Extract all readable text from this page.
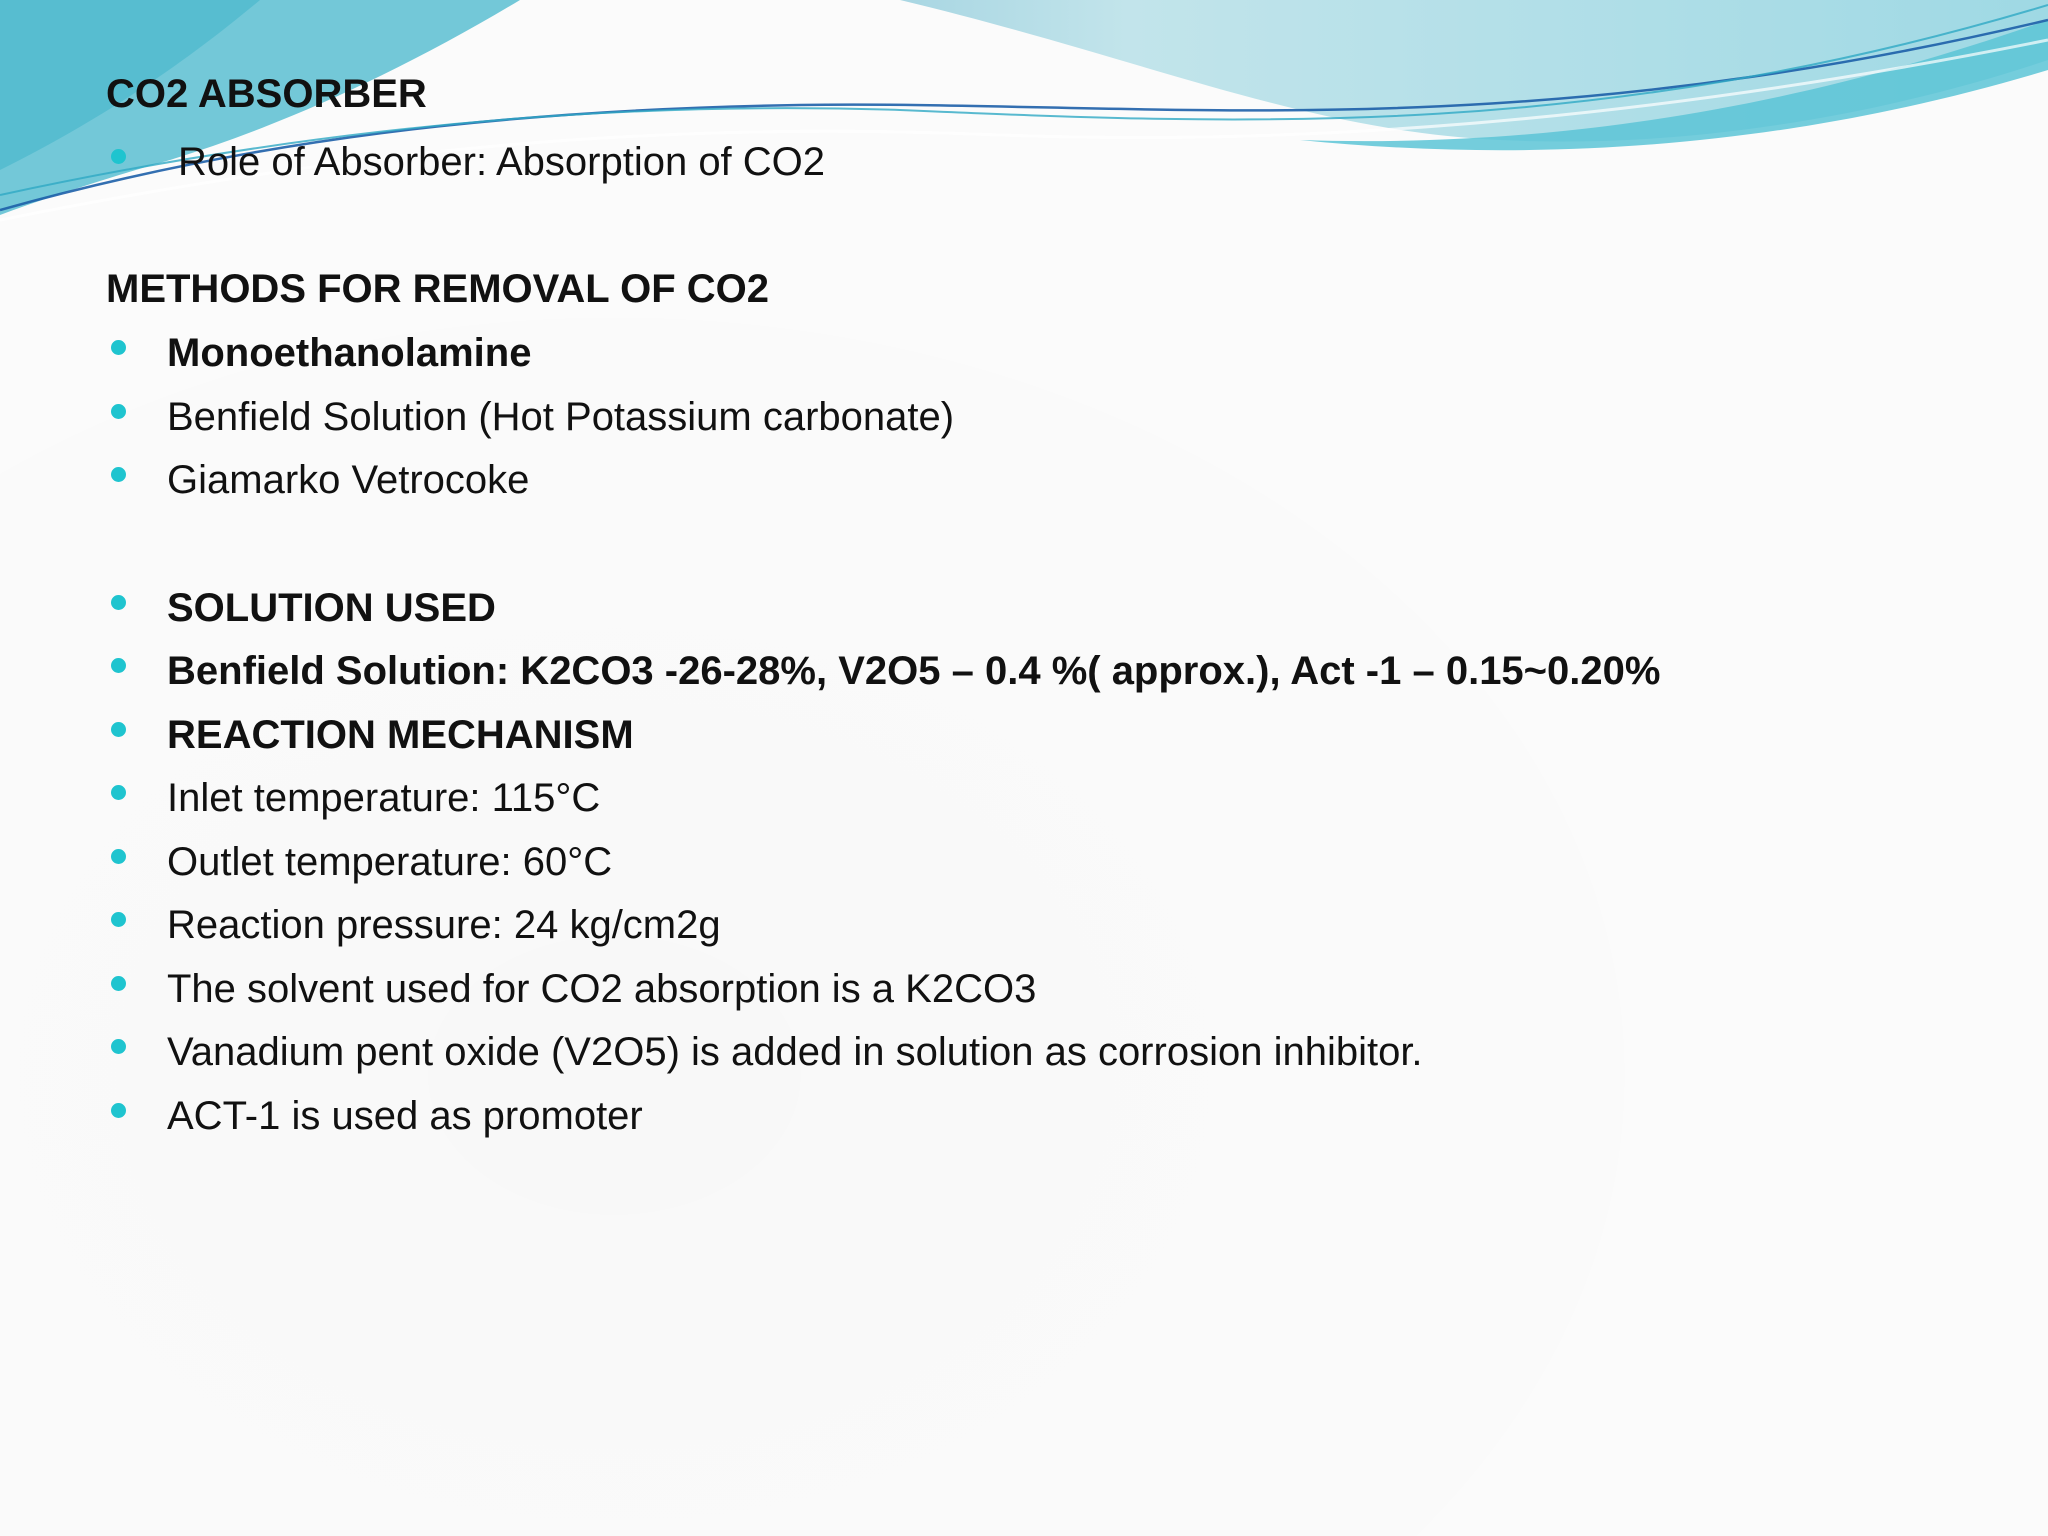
CO2 ABSORBER
Role of Absorber: Absorption of CO2
METHODS FOR REMOVAL OF CO2
Monoethanolamine
Benfield Solution (Hot Potassium carbonate)
Giamarko Vetrocoke
SOLUTION USED
Benfield Solution: K2CO3 -26-28%, V2O5 – 0.4 %( approx.), Act -1 – 0.15~0.20%
REACTION MECHANISM
Inlet temperature: 115°C
Outlet temperature: 60°C
Reaction pressure: 24 kg/cm2g
The solvent used for CO2 absorption is a K2CO3
Vanadium pent oxide (V2O5) is added in solution as corrosion inhibitor.
ACT-1 is used as promoter
